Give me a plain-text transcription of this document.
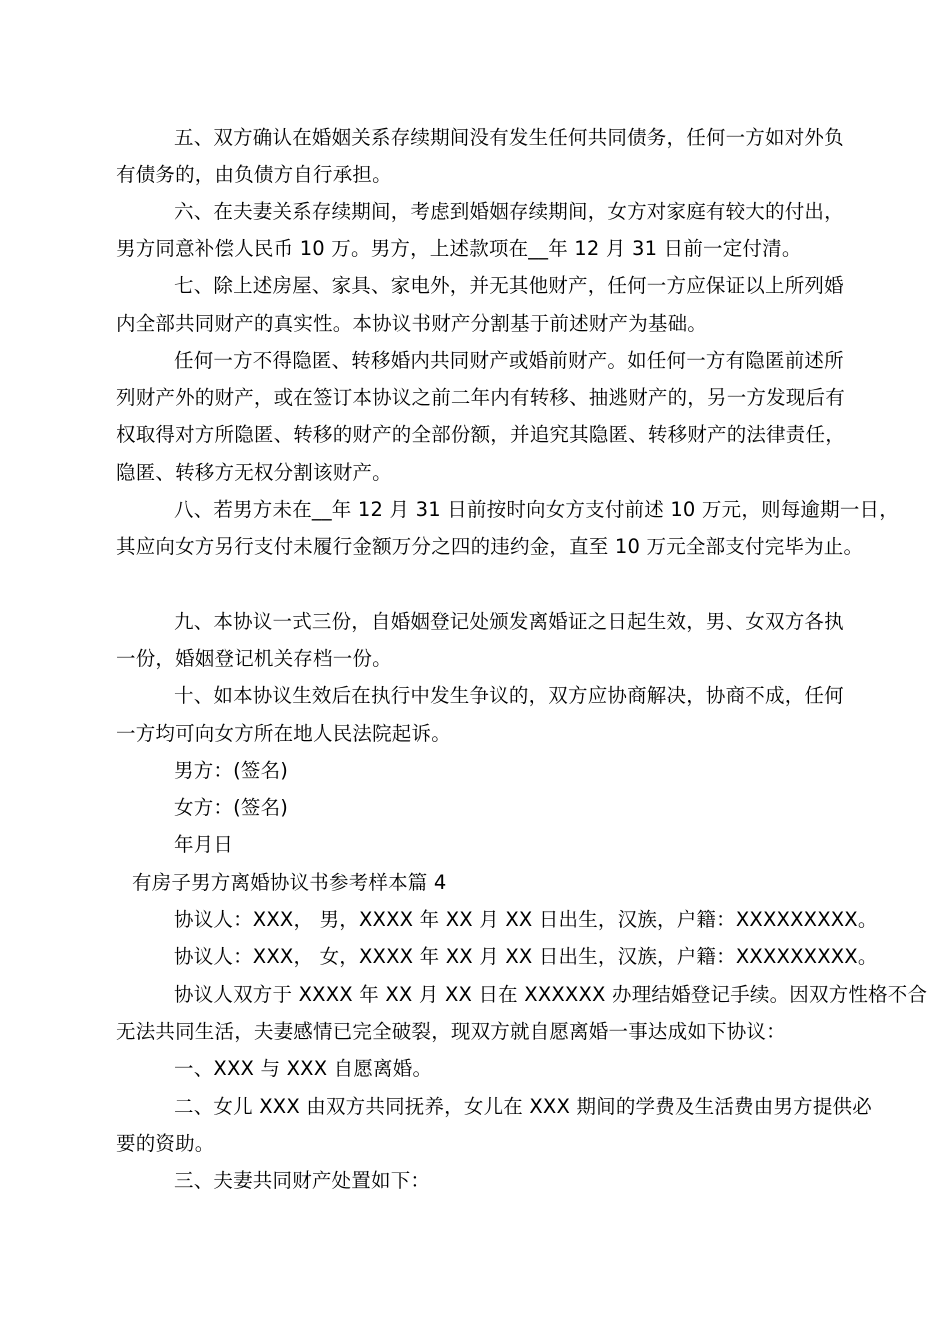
五、双方确认在婚姻关系存续期间没有发生任何共同债务，任何一方如对外负
有债务的，由负债方自行承担。
六、在夫妻关系存续期间，考虑到婚姻存续期间，女方对家庭有较大的付出，
男方同意补偿人民币 10 万。男方，上述款项在__年 12 月 31 日前一定付清。
七、除上述房屋、家具、家电外，并无其他财产，任何一方应保证以上所列婚
内全部共同财产的真实性。本协议书财产分割基于前述财产为基础。
任何一方不得隐匿、转移婚内共同财产或婚前财产。如任何一方有隐匿前述所
列财产外的财产，或在签订本协议之前二年内有转移、抽逃财产的，另一方发现后有
权取得对方所隐匿、转移的财产的全部份额，并追究其隐匿、转移财产的法律责任，
隐匿、转移方无权分割该财产。
八、若男方未在__年 12 月 31 日前按时向女方支付前述 10 万元，则每逾期一日，
其应向女方另行支付未履行金额万分之四的违约金，直至 10 万元全部支付完毕为止。
九、本协议一式三份，自婚姻登记处颁发离婚证之日起生效，男、女双方各执
一份，婚姻登记机关存档一份。
十、如本协议生效后在执行中发生争议的，双方应协商解决，协商不成，任何
一方均可向女方所在地人民法院起诉。
男方：(签名)
女方：(签名)
年月日
有房子男方离婚协议书参考样本篇 4
协议人：XXX， 男，XXXX 年 XX 月 XX 日出生，汉族，户籍：XXXXXXXXX。
协议人：XXX， 女，XXXX 年 XX 月 XX 日出生，汉族，户籍：XXXXXXXXX。
协议人双方于 XXXX 年 XX 月 XX 日在 XXXXXX 办理结婚登记手续。因双方性格不合
无法共同生活，夫妻感情已完全破裂，现双方就自愿离婚一事达成如下协议：
一、XXX 与 XXX 自愿离婚。
二、女儿 XXX 由双方共同抚养，女儿在 XXX 期间的学费及生活费由男方提供必
要的资助。
三、夫妻共同财产处置如下：
